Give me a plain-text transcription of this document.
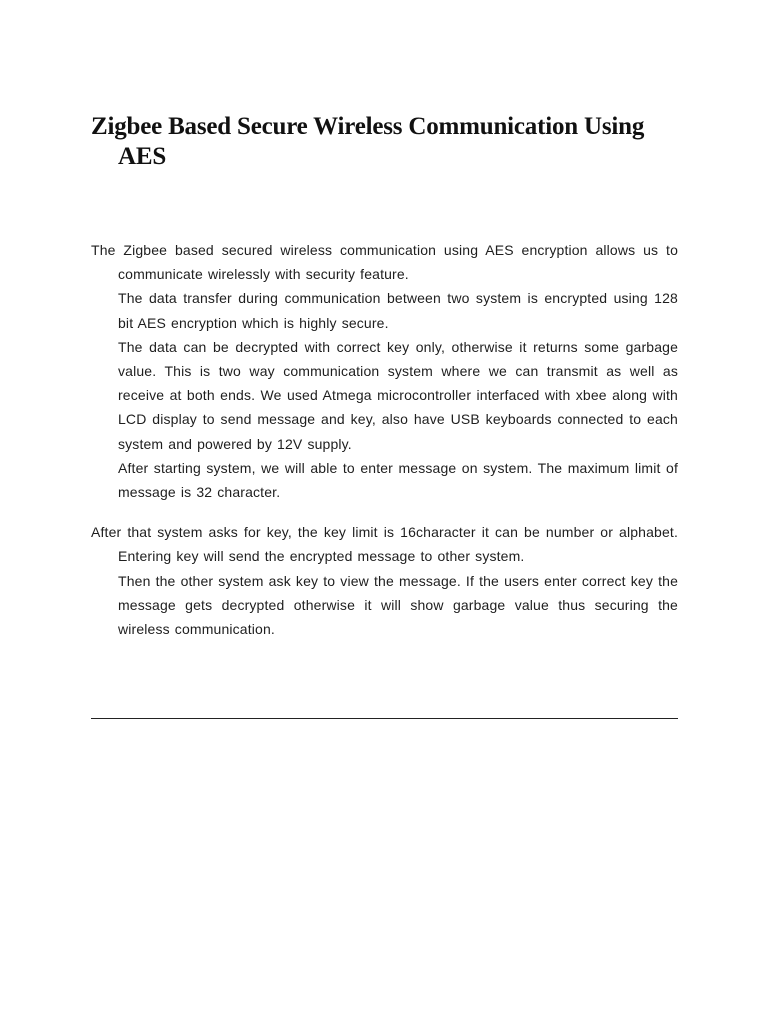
Zigbee Based Secure Wireless Communication Using AES

The Zigbee based secured wireless communication using AES encryption allows us to communicate wirelessly with security feature.

The data transfer during communication between two system is encrypted using 128 bit AES encryption which is highly secure.

The data can be decrypted with correct key only, otherwise it returns some garbage value. This is two way communication system where we can transmit as well as receive at both ends. We used Atmega microcontroller interfaced with xbee along with LCD display to send message and key, also have USB keyboards connected to each system and powered by 12V supply.

After starting system, we will able to enter message on system. The maximum limit of message is 32 character.

After that system asks for key, the key limit is 16character it can be number or alphabet. Entering key will send the encrypted message to other system.

Then the other system ask key to view the message. If the users enter correct key the message gets decrypted otherwise it will show garbage value thus securing the wireless communication.
